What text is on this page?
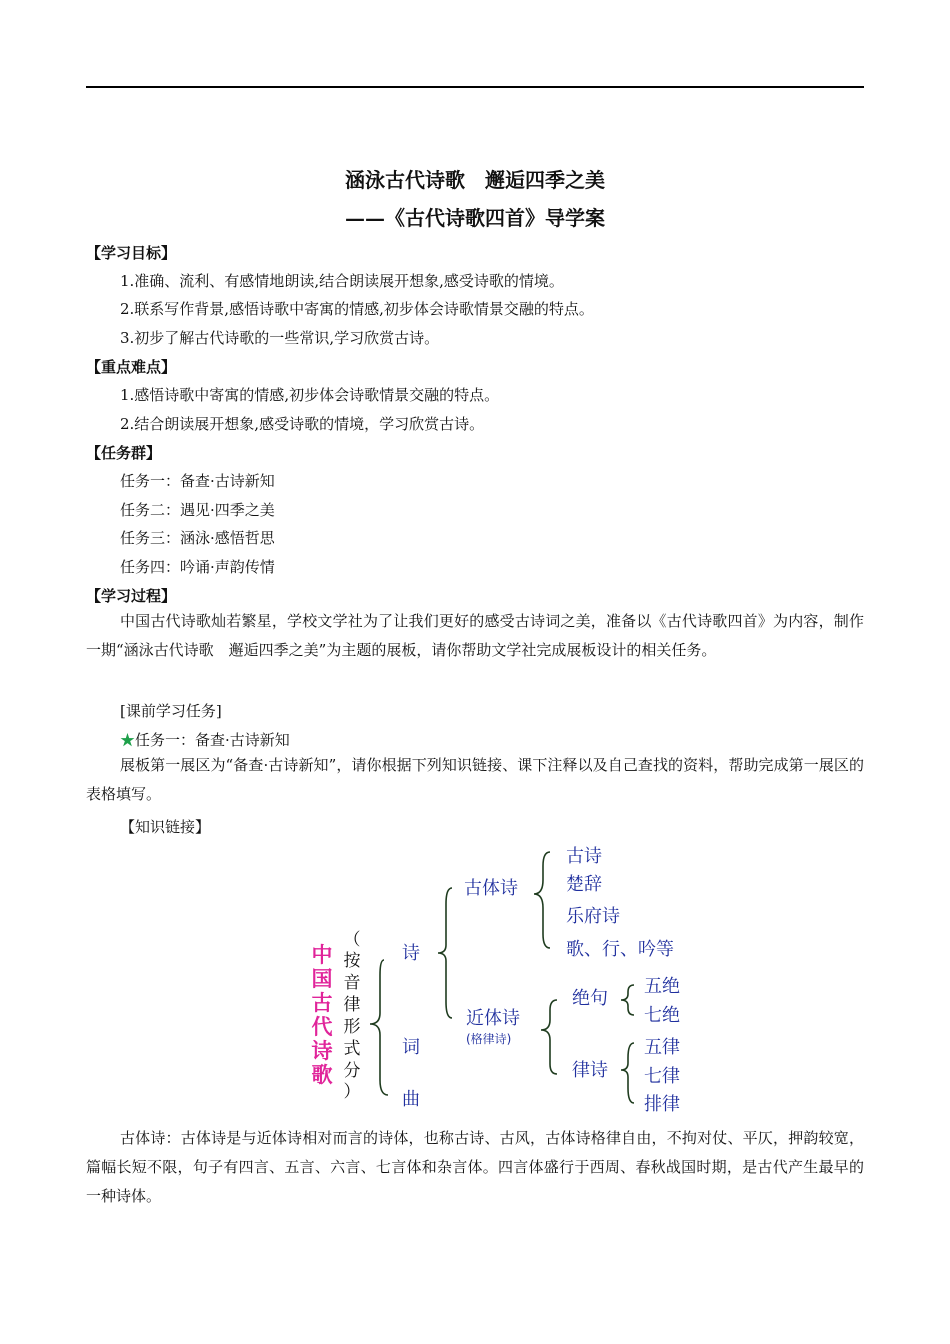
涵泳古代诗歌　邂逅四季之美
——《古代诗歌四首》导学案
【学习目标】
1.准确、流利、有感情地朗读,结合朗读展开想象,感受诗歌的情境。
2.联系写作背景,感悟诗歌中寄寓的情感,初步体会诗歌情景交融的特点。
3.初步了解古代诗歌的一些常识,学习欣赏古诗。
【重点难点】
1.感悟诗歌中寄寓的情感,初步体会诗歌情景交融的特点。
2.结合朗读展开想象,感受诗歌的情境，学习欣赏古诗。
【任务群】
任务一：备查·古诗新知
任务二：遇见·四季之美
任务三：涵泳·感悟哲思
任务四：吟诵·声韵传情
【学习过程】
中国古代诗歌灿若繁星，学校文学社为了让我们更好的感受古诗词之美，准备以《古代诗歌四首》为内容，制作一期“涵泳古代诗歌　邂逅四季之美”为主题的展板，请你帮助文学社完成展板设计的相关任务。
[课前学习任务]
★任务一：备查·古诗新知
展板第一展区为“备查·古诗新知”，请你根据下列知识链接、课下注释以及自己查找的资料，帮助完成第一展区的表格填写。
【知识链接】
中
国
古
代
诗
歌
（
按
音
律
形
式
分
）
诗
词
曲
古体诗
古诗
楚辞
乐府诗
歌、行、吟等
近体诗
(格律诗)
绝句
五绝
七绝
律诗
五律
七律
排律
古体诗：古体诗是与近体诗相对而言的诗体，也称古诗、古风，古体诗格律自由，不拘对仗、平仄，押韵较宽，篇幅长短不限，句子有四言、五言、六言、七言体和杂言体。四言体盛行于西周、春秋战国时期，是古代产生最早的一种诗体。
